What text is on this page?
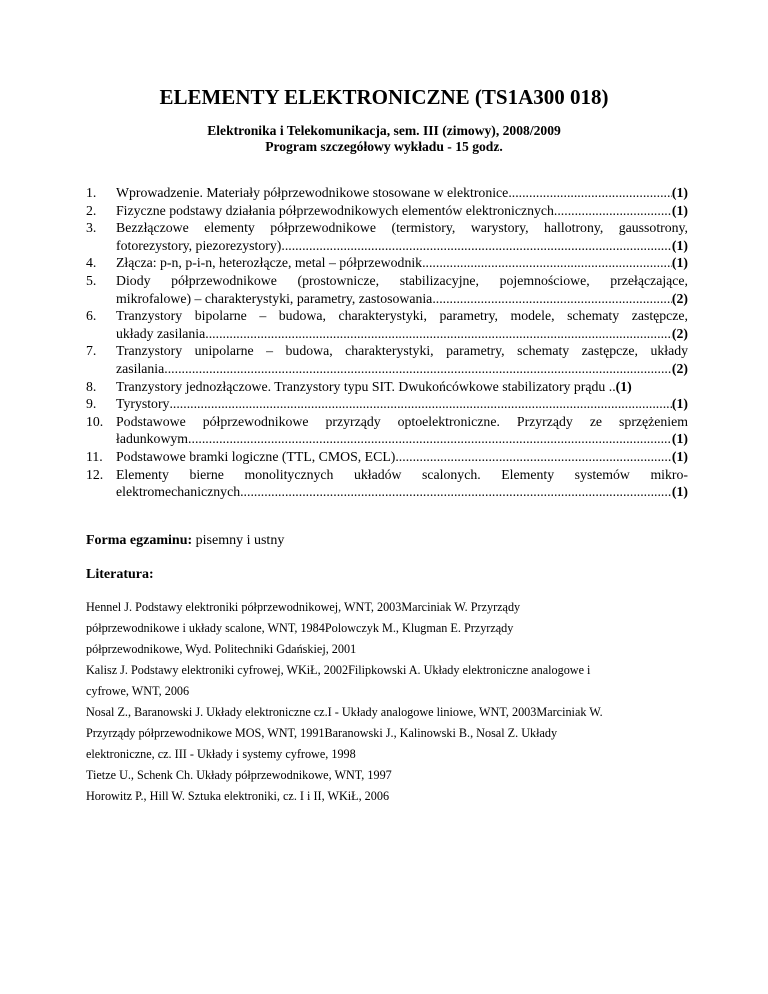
ELEMENTY ELEKTRONICZNE (TS1A300 018)
Elektronika i Telekomunikacja, sem. III (zimowy), 2008/2009
Program szczegółowy wykładu - 15 godz.
1.	Wprowadzenie. Materiały półprzewodnikowe stosowane w elektronice .....	(1)
2.	Fizyczne podstawy działania półprzewodnikowych elementów elektronicznych .....	(1)
3.	Bezzłączowe elementy półprzewodnikowe (termistory, warystory, hallotrony, gaussotrony,
fotorezystory, piezorezystory) .....	(1)
4.	Złącza: p-n, p-i-n, heterozłącze, metal – półprzewodnik .....	(1)
5.	Diody półprzewodnikowe (prostownicze, stabilizacyjne, pojemnościowe, przełączające,
mikrofalowe) – charakterystyki, parametry, zastosowania .....	(2)
6.	Tranzystory bipolarne – budowa, charakterystyki, parametry, modele, schematy zastępcze,
układy zasilania .....	(2)
7.	Tranzystory unipolarne – budowa, charakterystyki, parametry, schematy zastępcze, układy
zasilania .....	(2)
8.	Tranzystory jednozłączowe. Tranzystory typu SIT. Dwukońcówkowe stabilizatory prądu .. (1)
9.	Tyrystory .....	(1)
10. Podstawowe półprzewodnikowe przyrządy optoelektroniczne. Przyrządy ze sprzężeniem
ładunkowym .....	(1)
11. Podstawowe bramki logiczne (TTL, CMOS, ECL) .....	(1)
12. Elementy bierne monolitycznych układów scalonych. Elementy systemów mikro-
elektromechanicznych .....	(1)
Forma egzaminu: pisemny i ustny
Literatura:
Hennel J. Podstawy elektroniki półprzewodnikowej, WNT, 2003Marciniak W. Przyrządy
półprzewodnikowe i układy scalone, WNT, 1984Polowczyk M., Klugman E. Przyrządy
półprzewodnikowe, Wyd. Politechniki Gdańskiej, 2001
Kalisz J. Podstawy elektroniki cyfrowej, WKiŁ, 2002Filipkowski A. Układy elektroniczne analogowe i
cyfrowe, WNT, 2006
Nosal Z., Baranowski J. Układy elektroniczne cz.I - Układy analogowe liniowe, WNT, 2003Marciniak W.
Przyrządy półprzewodnikowe MOS, WNT, 1991Baranowski J., Kalinowski B., Nosal Z. Układy
elektroniczne, cz. III - Układy i systemy cyfrowe, 1998
Tietze U., Schenk Ch. Układy półprzewodnikowe, WNT, 1997
Horowitz P., Hill W. Sztuka elektroniki, cz. I i II, WKiŁ, 2006
